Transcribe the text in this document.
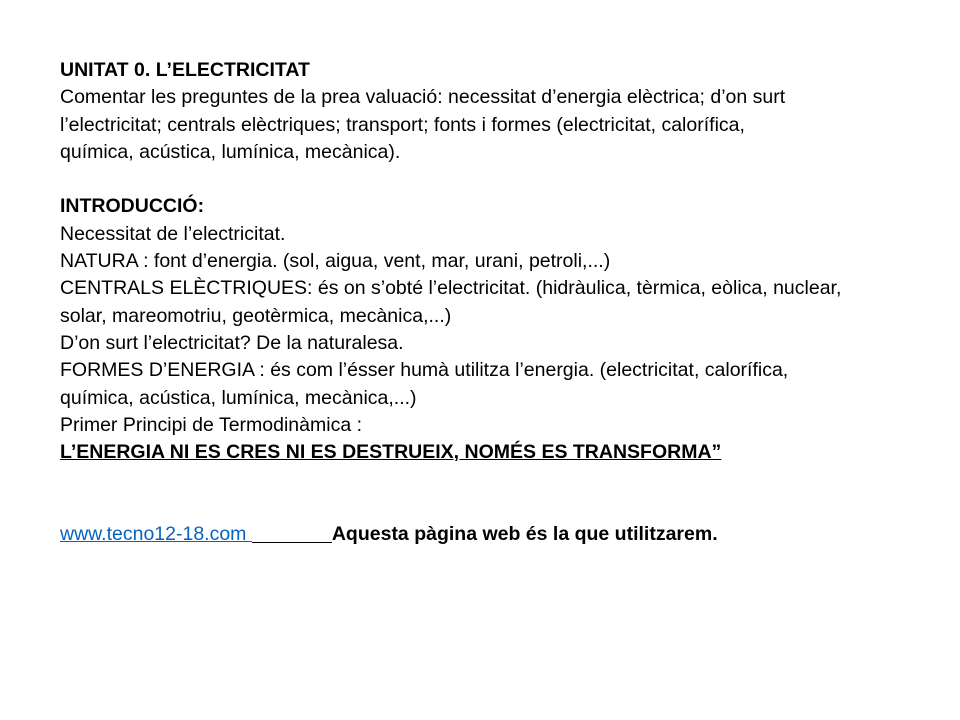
UNITAT 0. L’ELECTRICITAT
Comentar les preguntes de la prea valuació: necessitat d’energia elèctrica; d’on surt
l’electricitat; centrals elèctriques; transport; fonts i formes (electricitat, calorífica,
química, acústica, lumínica, mecànica).
INTRODUCCIÓ:
Necessitat de l’electricitat.
NATURA : font d’energia. (sol, aigua, vent, mar, urani, petroli,...)
CENTRALS ELÈCTRIQUES: és on s’obté l’electricitat. (hidràulica, tèrmica, eòlica, nuclear,
solar, mareomotriu, geotèrmica, mecànica,...)
D’on surt l’electricitat? De la naturalesa.
FORMES D’ENERGIA : és com l’ésser humà utilitza l’energia. (electricitat, calorífica,
química, acústica, lumínica, mecànica,...)
Primer Principi de Termodinàmica :
L’ENERGIA NI ES CRES NI ES DESTRUEIX, NOMÉS ES TRANSFORMA”
www.tecno12-18.com	Aquesta pàgina web és la que utilitzarem.
